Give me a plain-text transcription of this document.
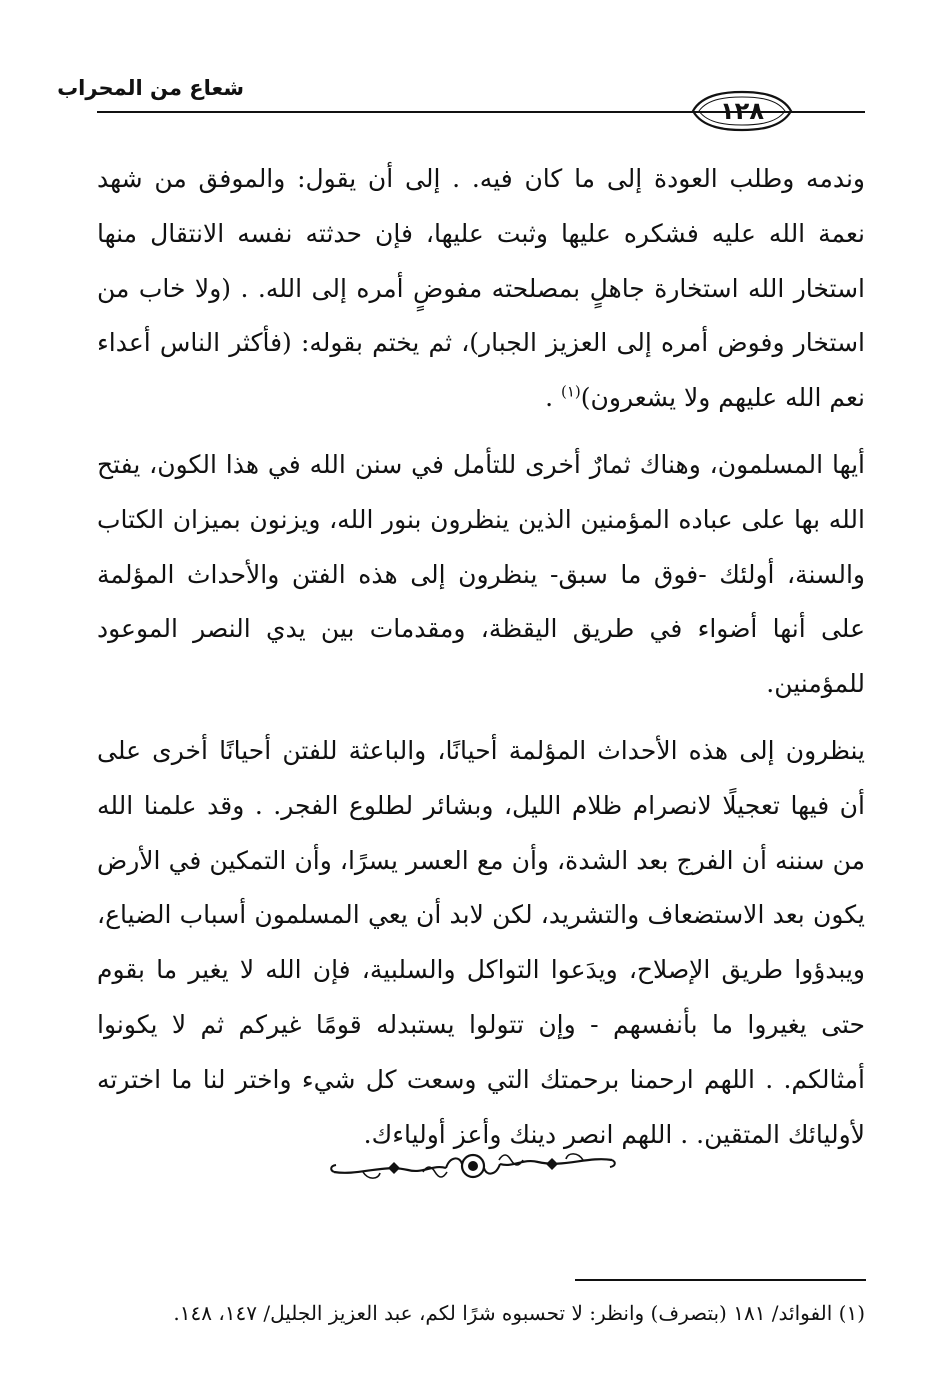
شعاع من المحراب
١٢٨

وندمه وطلب العودة إلى ما كان فيه. . إلى أن يقول: والموفق من شهد نعمة الله عليه فشكره عليها وثبت عليها، فإن حدثته نفسه الانتقال منها استخار الله استخارة جاهلٍ بمصلحته مفوضٍ أمره إلى الله. . (ولا خاب من استخار وفوض أمره إلى العزيز الجبار)، ثم يختم بقوله: (فأكثر الناس أعداء نعم الله عليهم ولا يشعرون)$^{(١)}$ .

أيها المسلمون، وهناك ثمارٌ أخرى للتأمل في سنن الله في هذا الكون، يفتح الله بها على عباده المؤمنين الذين ينظرون بنور الله، ويزنون بميزان الكتاب والسنة، أولئك -فوق ما سبق- ينظرون إلى هذه الفتن والأحداث المؤلمة على أنها أضواء في طريق اليقظة، ومقدمات بين يدي النصر الموعود للمؤمنين.

ينظرون إلى هذه الأحداث المؤلمة أحيانًا، والباعثة للفتن أحيانًا أخرى على أن فيها تعجيلًا لانصرام ظلام الليل، وبشائر لطلوع الفجر. . وقد علمنا الله من سننه أن الفرج بعد الشدة، وأن مع العسر يسرًا، وأن التمكين في الأرض يكون بعد الاستضعاف والتشريد، لكن لابد أن يعي المسلمون أسباب الضياع، ويبدؤوا طريق الإصلاح، ويدَعوا التواكل والسلبية، فإن الله لا يغير ما بقوم حتى يغيروا ما بأنفسهم - وإن تتولوا يستبدله قومًا غيركم ثم لا يكونوا أمثالكم. . اللهم ارحمنا برحمتك التي وسعت كل شيء واختر لنا ما اخترته لأوليائك المتقين. . اللهم انصر دينك وأعز أولياءك.

(١) الفوائد/ ١٨١ (بتصرف) وانظر: لا تحسبوه شرًا لكم، عبد العزيز الجليل/ ١٤٧، ١٤٨.
